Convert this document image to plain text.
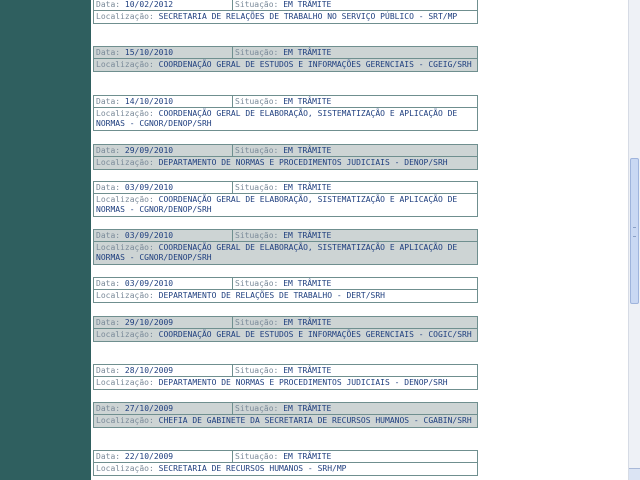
Data: 10/02/2012	Situação: EM TRÂMITE
Localização: SECRETARIA DE RELAÇÕES DE TRABALHO NO SERVIÇO PÚBLICO - SRT/MP
Data: 15/10/2010	Situação: EM TRÂMITE
Localização: COORDENAÇÃO GERAL DE ESTUDOS E INFORMAÇÕES GERENCIAIS - CGEIG/SRH
Data: 14/10/2010	Situação: EM TRÂMITE
Localização: COORDENAÇÃO GERAL DE ELABORAÇÃO, SISTEMATIZAÇÃO E APLICAÇÃO DE NORMAS - CGNOR/DENOP/SRH
Data: 29/09/2010	Situação: EM TRÂMITE
Localização: DEPARTAMENTO DE NORMAS E PROCEDIMENTOS JUDICIAIS - DENOP/SRH
Data: 03/09/2010	Situação: EM TRÂMITE
Localização: COORDENAÇÃO GERAL DE ELABORAÇÃO, SISTEMATIZAÇÃO E APLICAÇÃO DE NORMAS - CGNOR/DENOP/SRH
Data: 03/09/2010	Situação: EM TRÂMITE
Localização: COORDENAÇÃO GERAL DE ELABORAÇÃO, SISTEMATIZAÇÃO E APLICAÇÃO DE NORMAS - CGNOR/DENOP/SRH
Data: 03/09/2010	Situação: EM TRÂMITE
Localização: DEPARTAMENTO DE RELAÇÕES DE TRABALHO - DERT/SRH
Data: 29/10/2009	Situação: EM TRÂMITE
Localização: COORDENAÇÃO GERAL DE ESTUDOS E INFORMAÇÕES GERENCIAIS - COGIC/SRH
Data: 28/10/2009	Situação: EM TRÂMITE
Localização: DEPARTAMENTO DE NORMAS E PROCEDIMENTOS JUDICIAIS - DENOP/SRH
Data: 27/10/2009	Situação: EM TRÂMITE
Localização: CHEFIA DE GABINETE DA SECRETARIA DE RECURSOS HUMANOS - CGABIN/SRH
Data: 22/10/2009	Situação: EM TRÂMITE
Localização: SECRETARIA DE RECURSOS HUMANOS - SRH/MP
